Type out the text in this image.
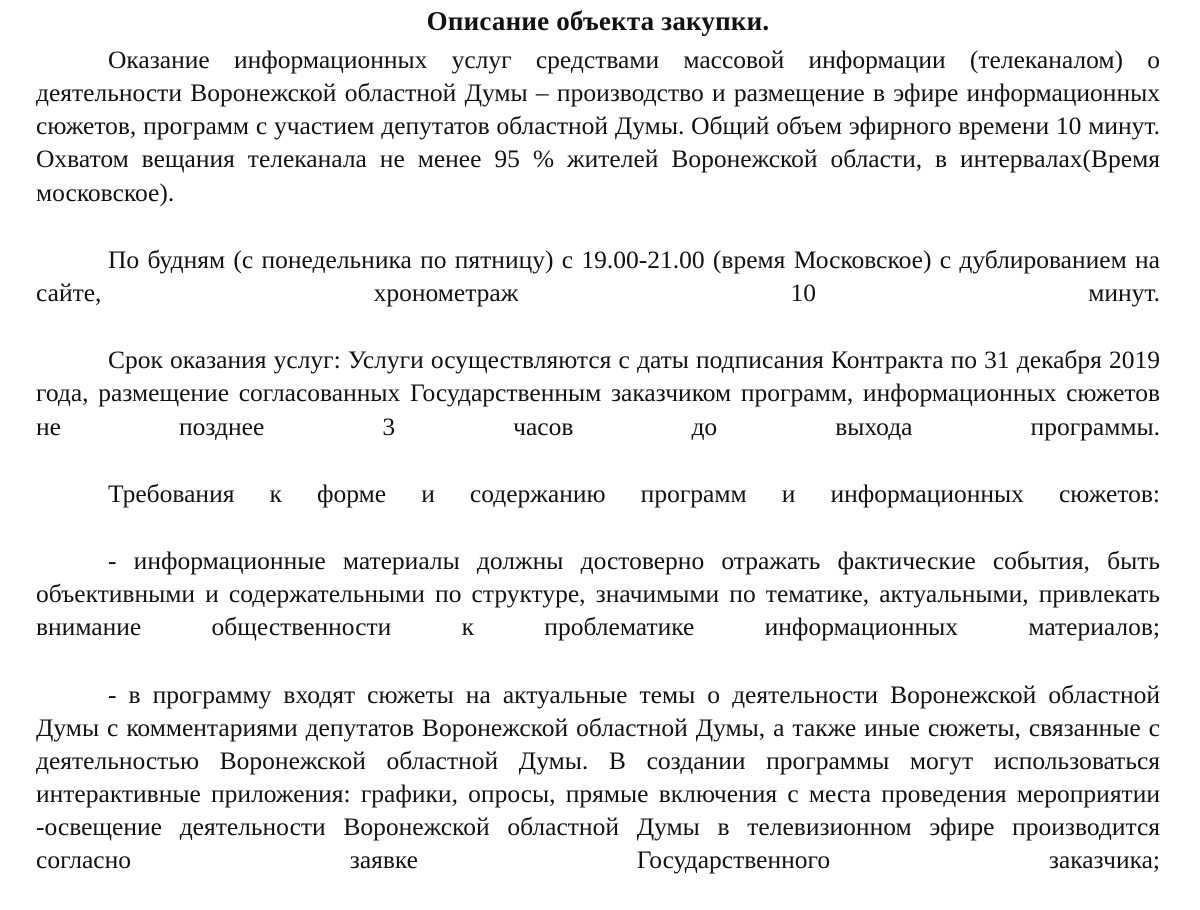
Описание объекта закупки.

Оказание информационных услуг средствами массовой информации (телеканалом) о деятельности Воронежской областной Думы – производство и размещение в эфире информационных сюжетов, программ с участием депутатов областной Думы. Общий объем эфирного времени 10 минут. Охватом вещания телеканала не менее 95 % жителей Воронежской области, в интервалах(Время московское).

По будням (с понедельника по пятницу) с 19.00-21.00 (время Московское) с дублированием на сайте, хронометраж 10 минут.

Срок оказания услуг: Услуги осуществляются с даты подписания Контракта по 31 декабря 2019 года, размещение согласованных Государственным заказчиком программ, информационных сюжетов не позднее 3 часов до выхода программы.

Требования к форме и содержанию программ и информационных сюжетов:

- информационные материалы должны достоверно отражать фактические события, быть объективными и содержательными по структуре, значимыми по тематике, актуальными, привлекать внимание общественности к проблематике информационных материалов;

- в программу входят сюжеты на актуальные темы о деятельности Воронежской областной Думы с комментариями депутатов Воронежской областной Думы, а также иные сюжеты, связанные с деятельностью Воронежской областной Думы. В создании программы могут использоваться интерактивные приложения: графики, опросы, прямые включения с места проведения мероприятии -освещение деятельности Воронежской областной Думы в телевизионном эфире производится согласно заявке Государственного заказчика;
